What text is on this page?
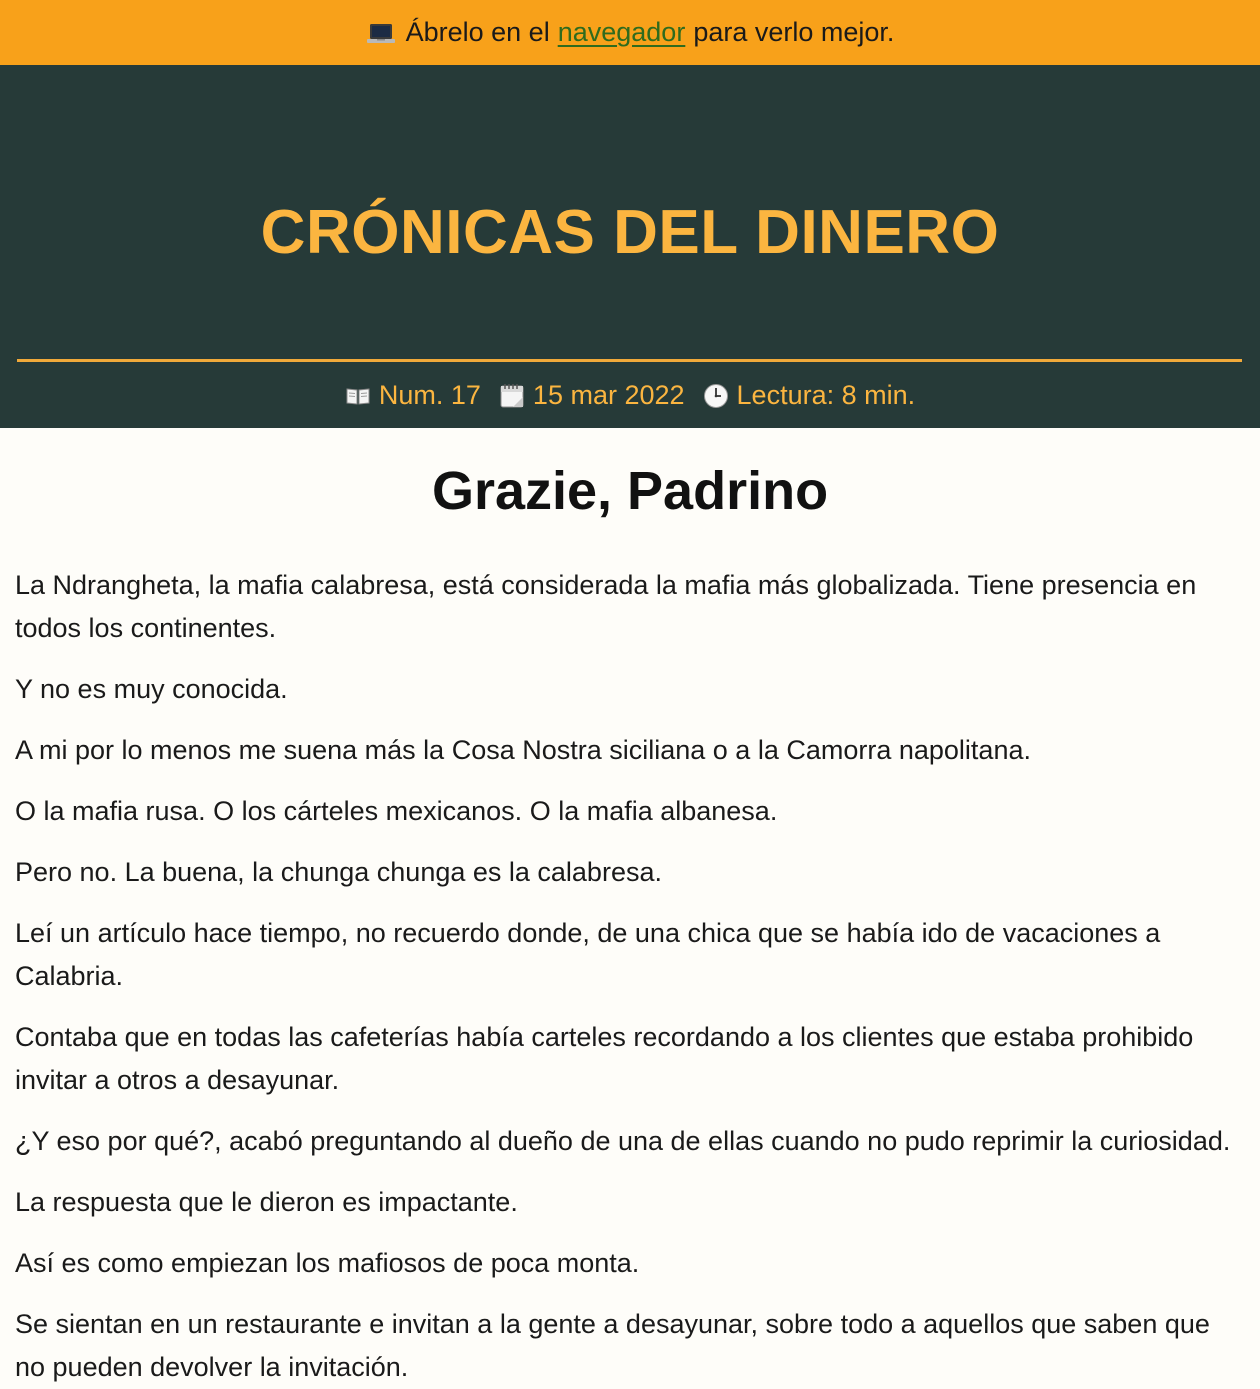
Ábrelo en el navegador para verlo mejor.
CRÓNICAS DEL DINERO
Num. 17 15 mar 2022 Lectura: 8 min.
Grazie, Padrino

La Ndrangheta, la mafia calabresa, está considerada la mafia más globalizada. Tiene presencia en todos los continentes.

Y no es muy conocida.

A mi por lo menos me suena más la Cosa Nostra siciliana o a la Camorra napolitana.

O la mafia rusa. O los cárteles mexicanos. O la mafia albanesa.

Pero no. La buena, la chunga chunga es la calabresa.

Leí un artículo hace tiempo, no recuerdo donde, de una chica que se había ido de vacaciones a Calabria.

Contaba que en todas las cafeterías había carteles recordando a los clientes que estaba prohibido invitar a otros a desayunar.

¿Y eso por qué?, acabó preguntando al dueño de una de ellas cuando no pudo reprimir la curiosidad.

La respuesta que le dieron es impactante.

Así es como empiezan los mafiosos de poca monta.

Se sientan en un restaurante e invitan a la gente a desayunar, sobre todo a aquellos que saben que no pueden devolver la invitación.
